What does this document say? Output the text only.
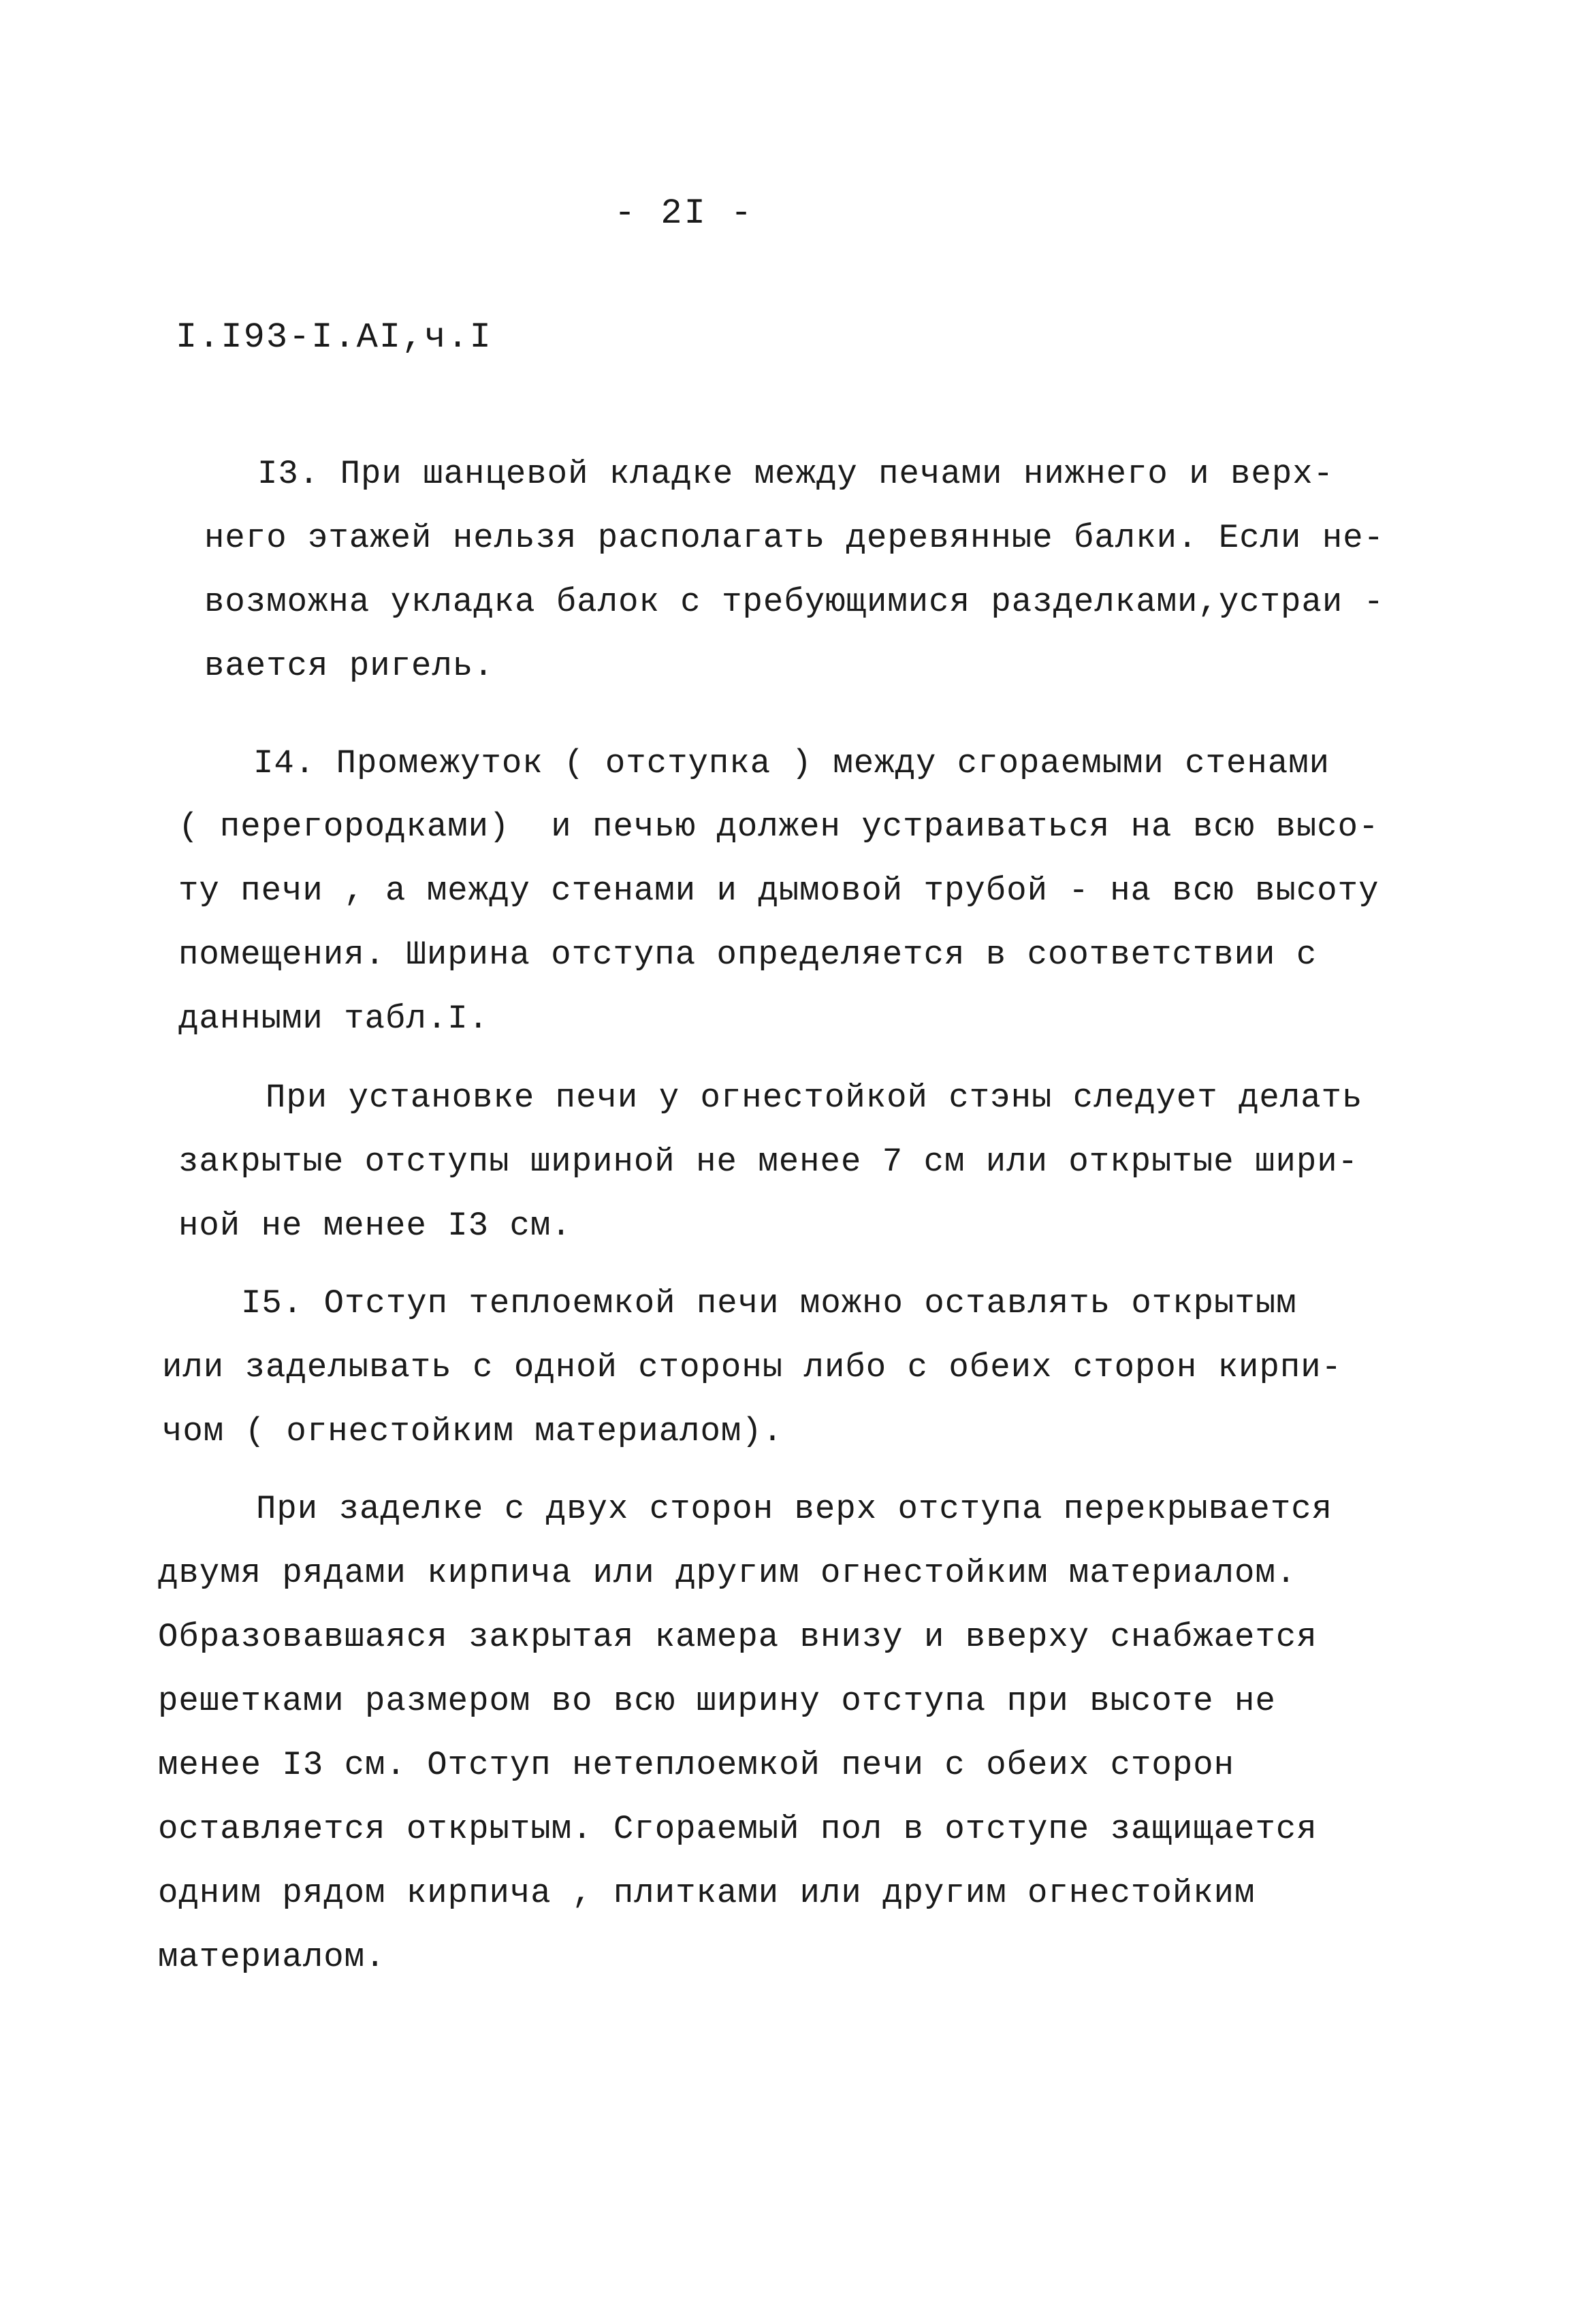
- 2I -
I.I93-I.AI,ч.I
I3. При шанцевой кладке между печами нижнего и верх-
него этажей нельзя располагать деревянные балки. Если не-
возможна укладка балок с требующимися разделками,устраи -
вается ригель.
I4. Промежуток ( отступка ) между сгораемыми стенами
( перегородками)  и печью должен устраиваться на всю высо-
ту печи , а между стенами и дымовой трубой - на всю высоту
помещения. Ширина отступа определяется в соответствии с
данными табл.I.
При установке печи у огнестойкой стэны следует делать
закрытые отступы шириной не менее 7 см или открытые шири-
ной не менее I3 см.
I5. Отступ теплоемкой печи можно оставлять открытым
или заделывать с одной стороны либо с обеих сторон кирпи-
чом ( огнестойким материалом).
При заделке с двух сторон верх отступа перекрывается
двумя рядами кирпича или другим огнестойким материалом.
Образовавшаяся закрытая камера внизу и вверху снабжается
решетками размером во всю ширину отступа при высоте не
менее I3 см. Отступ нетеплоемкой печи с обеих сторон
оставляется открытым. Сгораемый пол в отступе защищается
одним рядом кирпича , плитками или другим огнестойким
материалом.
